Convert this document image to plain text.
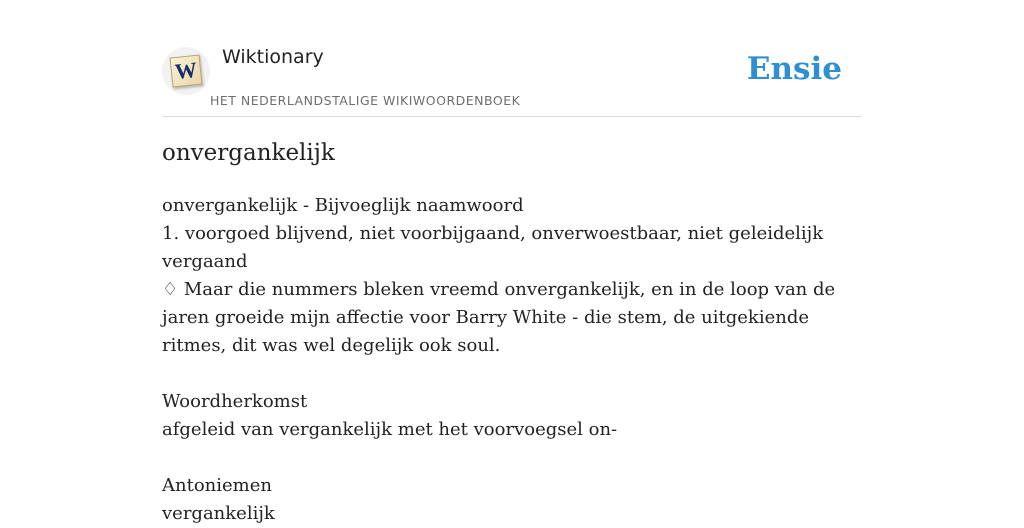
W Wiktionary
HET NEDERLANDSTALIGE WIKIWOORDENBOEK
Ensie
onvergankelijk
onvergankelijk - Bijvoeglijk naamwoord
1. voorgoed blijvend, niet voorbijgaand, onverwoestbaar, niet geleidelijk vergaand
♢ Maar die nummers bleken vreemd onvergankelijk, en in de loop van de jaren groeide mijn affectie voor Barry White - die stem, de uitgekiende ritmes, dit was wel degelijk ook soul.
Woordherkomst
afgeleid van vergankelijk met het voorvoegsel on-
Antoniemen
vergankelijk
